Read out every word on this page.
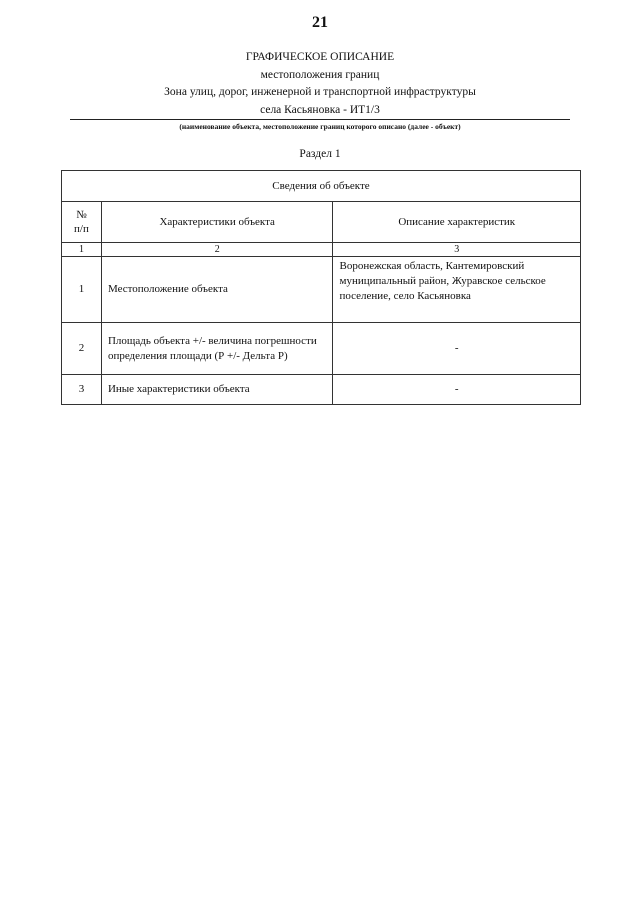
21
ГРАФИЧЕСКОЕ ОПИСАНИЕ
местоположения границ
Зона улиц, дорог, инженерной и транспортной инфраструктуры
села Касьяновка - ИТ1/3
(наименование объекта, местоположение границ которого описано (далее - объект)
Раздел 1
Сведения об объекте		
№
п/п	Характеристики объекта	Описание характеристик
1	2	3
1	Местоположение объекта	Воронежская область, Кантемировский муниципальный район, Журавское сельское поселение, село Касьяновка
2	Площадь объекта +/- величина погрешности определения площади (Р +/- Дельта Р)	-
3	Иные характеристики объекта	-
